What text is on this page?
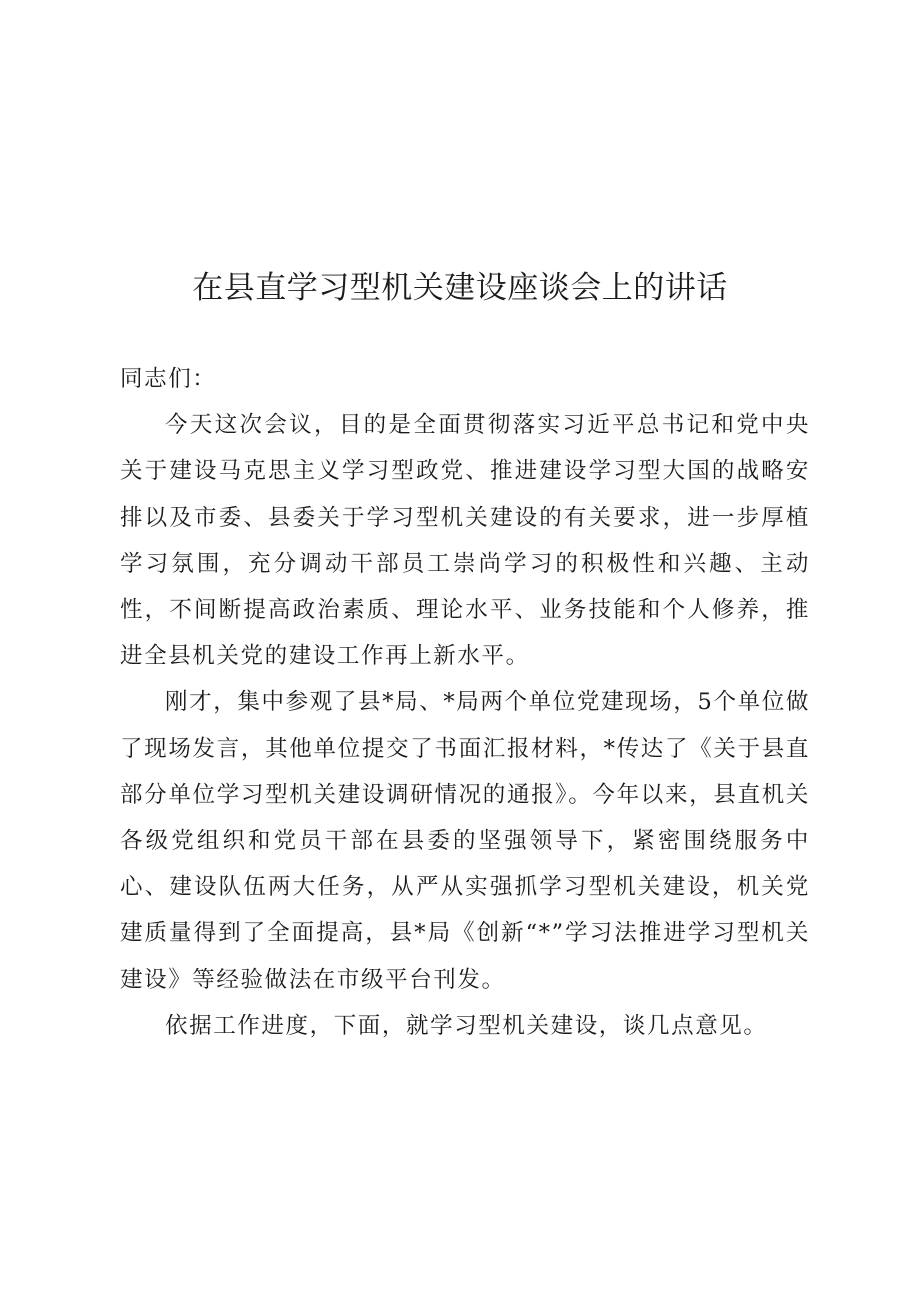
在县直学习型机关建设座谈会上的讲话

同志们：

今天这次会议，目的是全面贯彻落实习近平总书记和党中央关于建设马克思主义学习型政党、推进建设学习型大国的战略安排以及市委、县委关于学习型机关建设的有关要求，进一步厚植学习氛围，充分调动干部员工崇尚学习的积极性和兴趣、主动性，不间断提高政治素质、理论水平、业务技能和个人修养，推进全县机关党的建设工作再上新水平。

刚才，集中参观了县*局、*局两个单位党建现场，5个单位做了现场发言，其他单位提交了书面汇报材料，*传达了《关于县直部分单位学习型机关建设调研情况的通报》。今年以来，县直机关各级党组织和党员干部在县委的坚强领导下，紧密围绕服务中心、建设队伍两大任务，从严从实强抓学习型机关建设，机关党建质量得到了全面提高，县*局《创新“*”学习法推进学习型机关建设》等经验做法在市级平台刊发。

依据工作进度，下面，就学习型机关建设，谈几点意见。
